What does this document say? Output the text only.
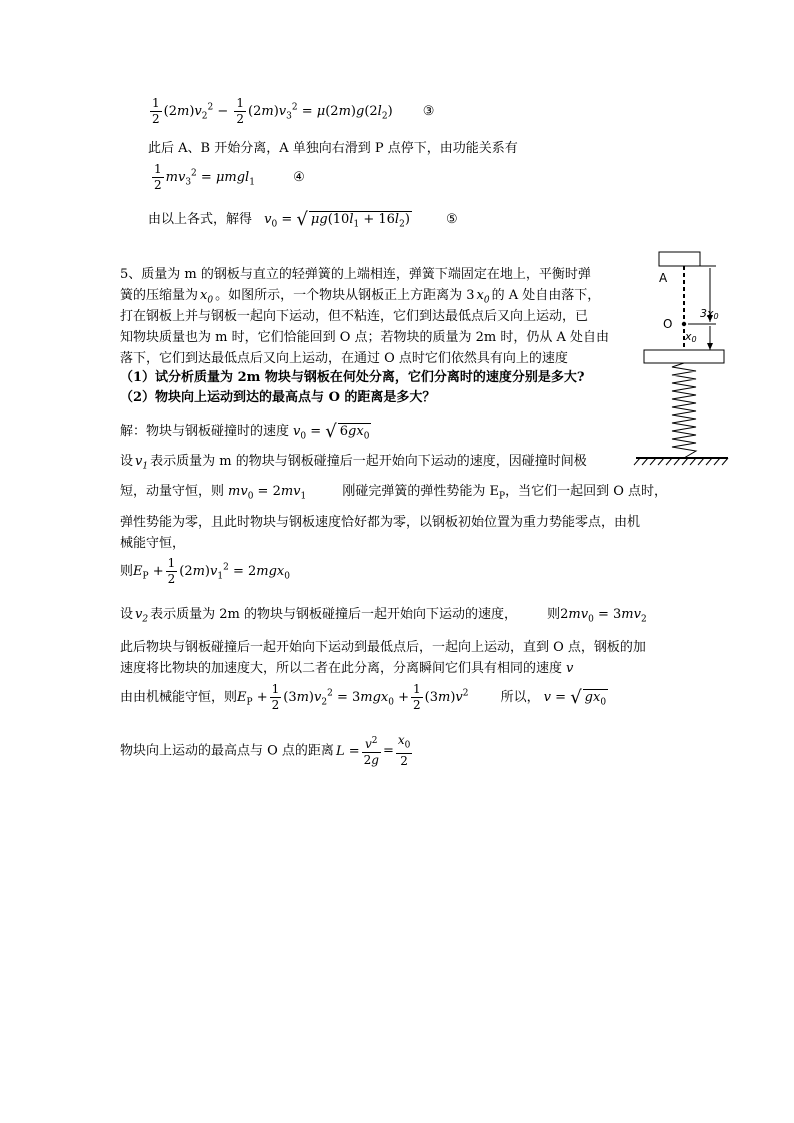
$\frac{1}{2} (2m)v_2^2 - \frac{1}{2} (2m)v_3^2 = \mu(2m)g(2l_2)$ ③
此后 A、B 开始分离，A 单独向右滑到 P 点停下，由功能关系有
$\frac{1}{2} mv_3^2 = \mu mgl_1$	④
由以上各式，解得 $v_0$ = √ $\mu g(10l_1 + 16l_2)$	⑤
5、质量为 m 的钢板与直立的轻弹簧的上端相连，弹簧下端固定在地上，平衡时弹
簧的压缩量为 $x_0$ 。如图所示，一个物块从钢板正上方距离为 3 $x_0$ 的 A 处自由落下，
打在钢板上并与钢板一起向下运动，但不粘连，它们到达最低点后又向上运动，已
知物块质量也为 m 时，它们恰能回到 O 点；若物块的质量为 2m 时，仍从 A 处自由
落下，它们到达最低点后又向上运动，在通过 O 点时它们依然具有向上的速度
（1）试分析质量为 2m 物块与钢板在何处分离，它们分离时的速度分别是多大?
（2）物块向上运动到达的最高点与 O 的距离是多大？
解：物块与钢板碰撞时的速度 $v_0$ = √ $6gx_0$
设 $v_1$ 表示质量为 m 的物块与钢板碰撞后一起开始向下运动的速度，因碰撞时间极
短，动量守恒，则 $mv_0 = 2mv_1$	刚碰完弹簧的弹性势能为 $E_P$，当它们一起回到 O 点时，
弹性势能为零，且此时物块与钢板速度恰好都为零，以钢板初始位置为重力势能零点，由机
械能守恒，
则$E_P + \frac{1}{2} (2m)v_1^2 = 2mgx_0$
设 $v_2$ 表示质量为 2m 的物块与钢板碰撞后一起开始向下运动的速度， 则$2mv_0 = 3mv_2$
此后物块与钢板碰撞后一起开始向下运动到最低点后，一起向上运动，直到 O 点，钢板的加
速度将比物块的加速度大，所以二者在此分离，分离瞬间它们具有相同的速度 v
由由机械能守恒，则$E_P + \frac{1}{2} (3m)v_2^2 = 3mgx_0 + \frac{1}{2} (3m)v^2$ 所以， v = √ $gx_0$
物块向上运动的最高点与 O 点的距离 $L = \frac{v^2}{2g} = \frac{x_0}{2}$
A
O
3x0
x0
